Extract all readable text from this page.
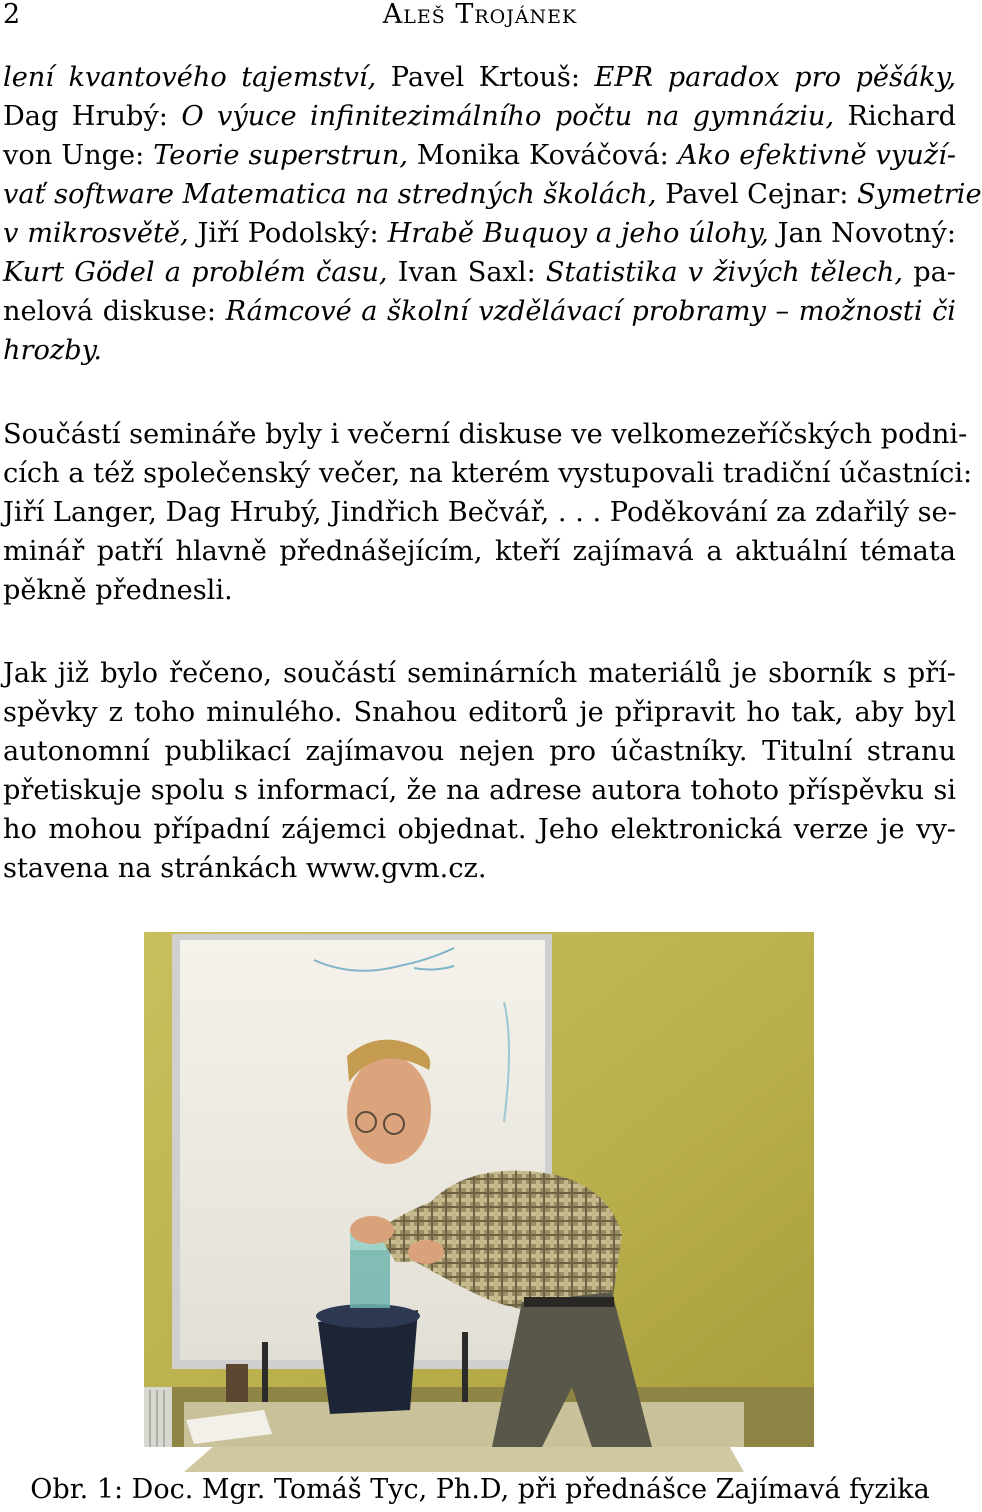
2	Aleš Trojánek
lení kvantového tajemství, Pavel Krtouš: EPR paradox pro pěšáky,
Dag Hrubý: O výuce infinitezimálního počtu na gymnáziu, Richard
von Unge: Teorie superstrun, Monika Kováčová: Ako efektivně využí-
vať software Matematica na stredných školách, Pavel Cejnar: Symetrie
v mikrosvětě, Jiří Podolský: Hrabě Buquoy a jeho úlohy, Jan Novotný:
Kurt Gödel a problém času, Ivan Saxl: Statistika v živých tělech, pa-
nelová diskuse: Rámcové a školní vzdělávací probramy – možnosti či
hrozby.
Součástí semináře byly i večerní diskuse ve velkomezeříčských podni-
cích a též společenský večer, na kterém vystupovali tradiční účastníci:
Jiří Langer, Dag Hrubý, Jindřich Bečvář, . . . Poděkování za zdařilý se-
minář patří hlavně přednášejícím, kteří zajímavá a aktuální témata
pěkně přednesli.
Jak již bylo řečeno, součástí seminárních materiálů je sborník s pří-
spěvky z toho minulého. Snahou editorů je připravit ho tak, aby byl
autonomní publikací zajímavou nejen pro účastníky. Titulní stranu
přetiskuje spolu s informací, že na adrese autora tohoto příspěvku si
ho mohou případní zájemci objednat. Jeho elektronická verze je vy-
stavena na stránkách www.gvm.cz.
Obr. 1: Doc. Mgr. Tomáš Tyc, Ph.D, při přednášce Zajímavá fyzika
